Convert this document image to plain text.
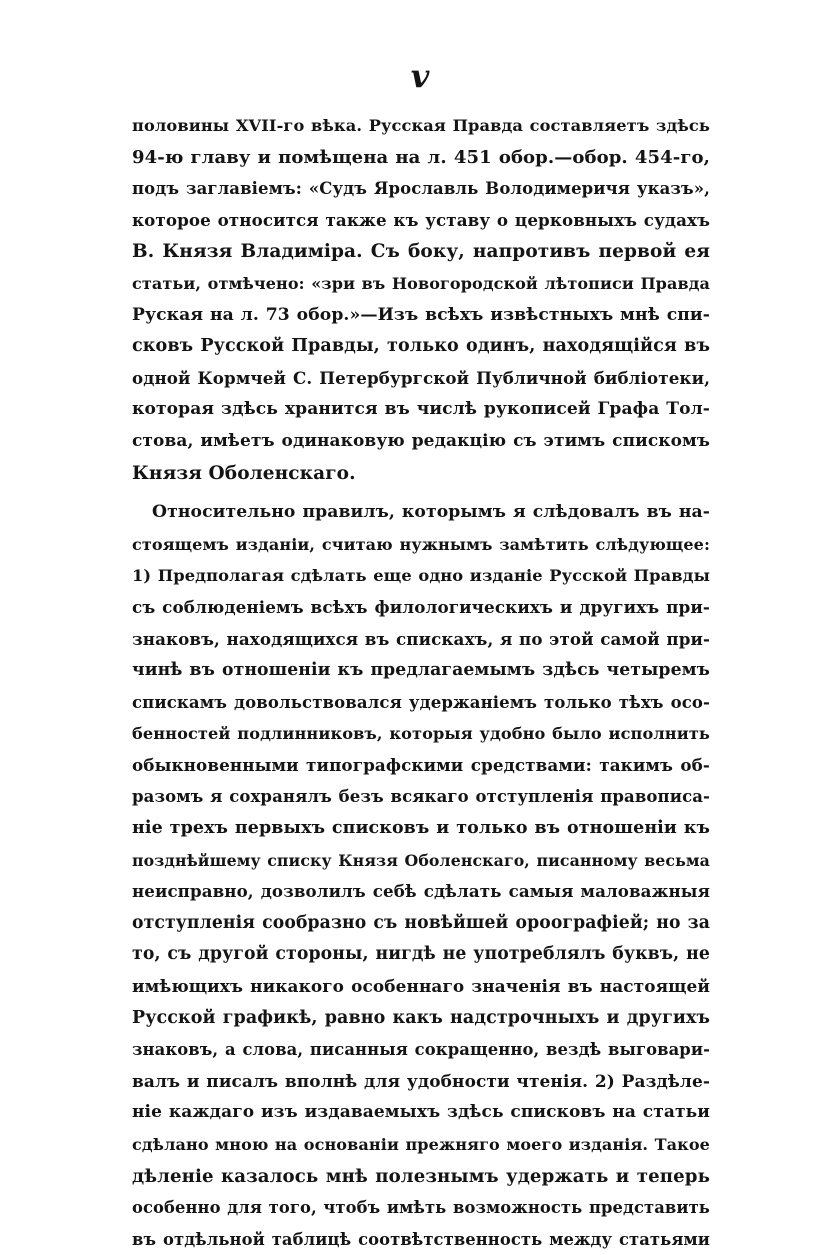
v
половины XVII-го вѣка. Русская Правда составляетъ здѣсь
94-ю главу и помѣщена на л. 451 обор.—обор. 454-го,
подъ заглавіемъ: «Судъ Ярославль Володимеричя указъ»,
которое относится также къ уставу о церковныхъ судахъ
В. Князя Владиміра. Съ боку, напротивъ первой ея
статьи, отмѣчено: «зри въ Новогородской лѣтописи Правда
Руская на л. 73 обор.»—Изъ всѣхъ извѣстныхъ мнѣ спи-
сковъ Русской Правды, только одинъ, находящійся въ
одной Кормчей С. Петербургской Публичной библіотеки,
которая здѣсь хранится въ числѣ рукописей Графа Тол-
стова, имѣетъ одинаковую редакцію съ этимъ спискомъ
Князя Оболенскаго.
Относительно правилъ, которымъ я слѣдовалъ въ на-
стоящемъ изданіи, считаю нужнымъ замѣтить слѣдующее:
1) Предполагая сдѣлать еще одно изданіе Русской Правды
съ соблюденіемъ всѣхъ филологическихъ и другихъ при-
знаковъ, находящихся въ спискахъ, я по этой самой при-
чинѣ въ отношеніи къ предлагаемымъ здѣсь четыремъ
спискамъ довольствовался удержаніемъ только тѣхъ осо-
бенностей подлинниковъ, которыя удобно было исполнить
обыкновенными типографскими средствами: такимъ об-
разомъ я сохранялъ безъ всякаго отступленія правописа-
ніе трехъ первыхъ списковъ и только въ отношеніи къ
позднѣйшему списку Князя Оболенскаго, писанному весьма
неисправно, дозволилъ себѣ сдѣлать самыя маловажныя
отступленія сообразно съ новѣйшей ороографіей; но за
то, съ другой стороны, нигдѣ не употреблялъ буквъ, не
имѣющихъ никакого особеннаго значенія въ настоящей
Русской графикѣ, равно какъ надстрочныхъ и другихъ
знаковъ, а слова, писанныя сокращенно, вездѣ выговари-
валъ и писалъ вполнѣ для удобности чтенія. 2) Раздѣле-
ніе каждаго изъ издаваемыхъ здѣсь списковъ на статьи
сдѣлано мною на основаніи прежняго моего изданія. Такое
дѣленіе казалось мнѣ полезнымъ удержать и теперь
особенно для того, чтобъ имѣть возможность представить
въ отдѣльной таблицѣ соотвѣтственность между статьями
